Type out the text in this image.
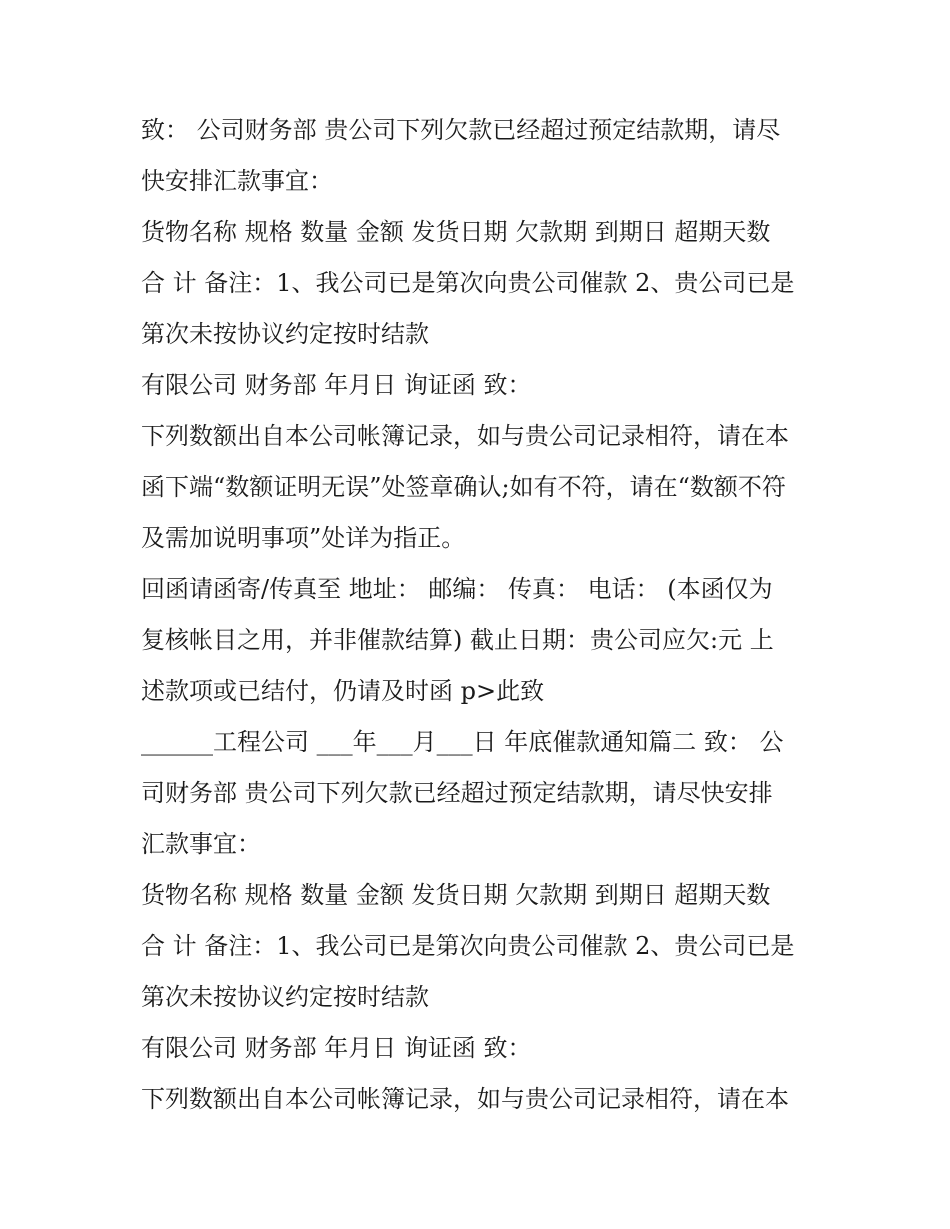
致： 公司财务部 贵公司下列欠款已经超过预定结款期，请尽

快安排汇款事宜：

货物名称 规格 数量 金额 发货日期 欠款期 到期日 超期天数

合 计 备注：1、我公司已是第次向贵公司催款 2、贵公司已是

第次未按协议约定按时结款

有限公司 财务部 年月日 询证函 致：

下列数额出自本公司帐簿记录，如与贵公司记录相符，请在本

函下端“数额证明无误”处签章确认;如有不符，请在“数额不符

及需加说明事项”处详为指正。

回函请函寄/传真至 地址： 邮编： 传真： 电话： (本函仅为

复核帐目之用，并非催款结算) 截止日期：贵公司应欠:元 上

述款项或已结付，仍请及时函 p>此致

______工程公司 ___年___月___日 年底催款通知篇二 致： 公

司财务部 贵公司下列欠款已经超过预定结款期，请尽快安排

汇款事宜：

货物名称 规格 数量 金额 发货日期 欠款期 到期日 超期天数

合 计 备注：1、我公司已是第次向贵公司催款 2、贵公司已是

第次未按协议约定按时结款

有限公司 财务部 年月日 询证函 致：

下列数额出自本公司帐簿记录，如与贵公司记录相符，请在本
